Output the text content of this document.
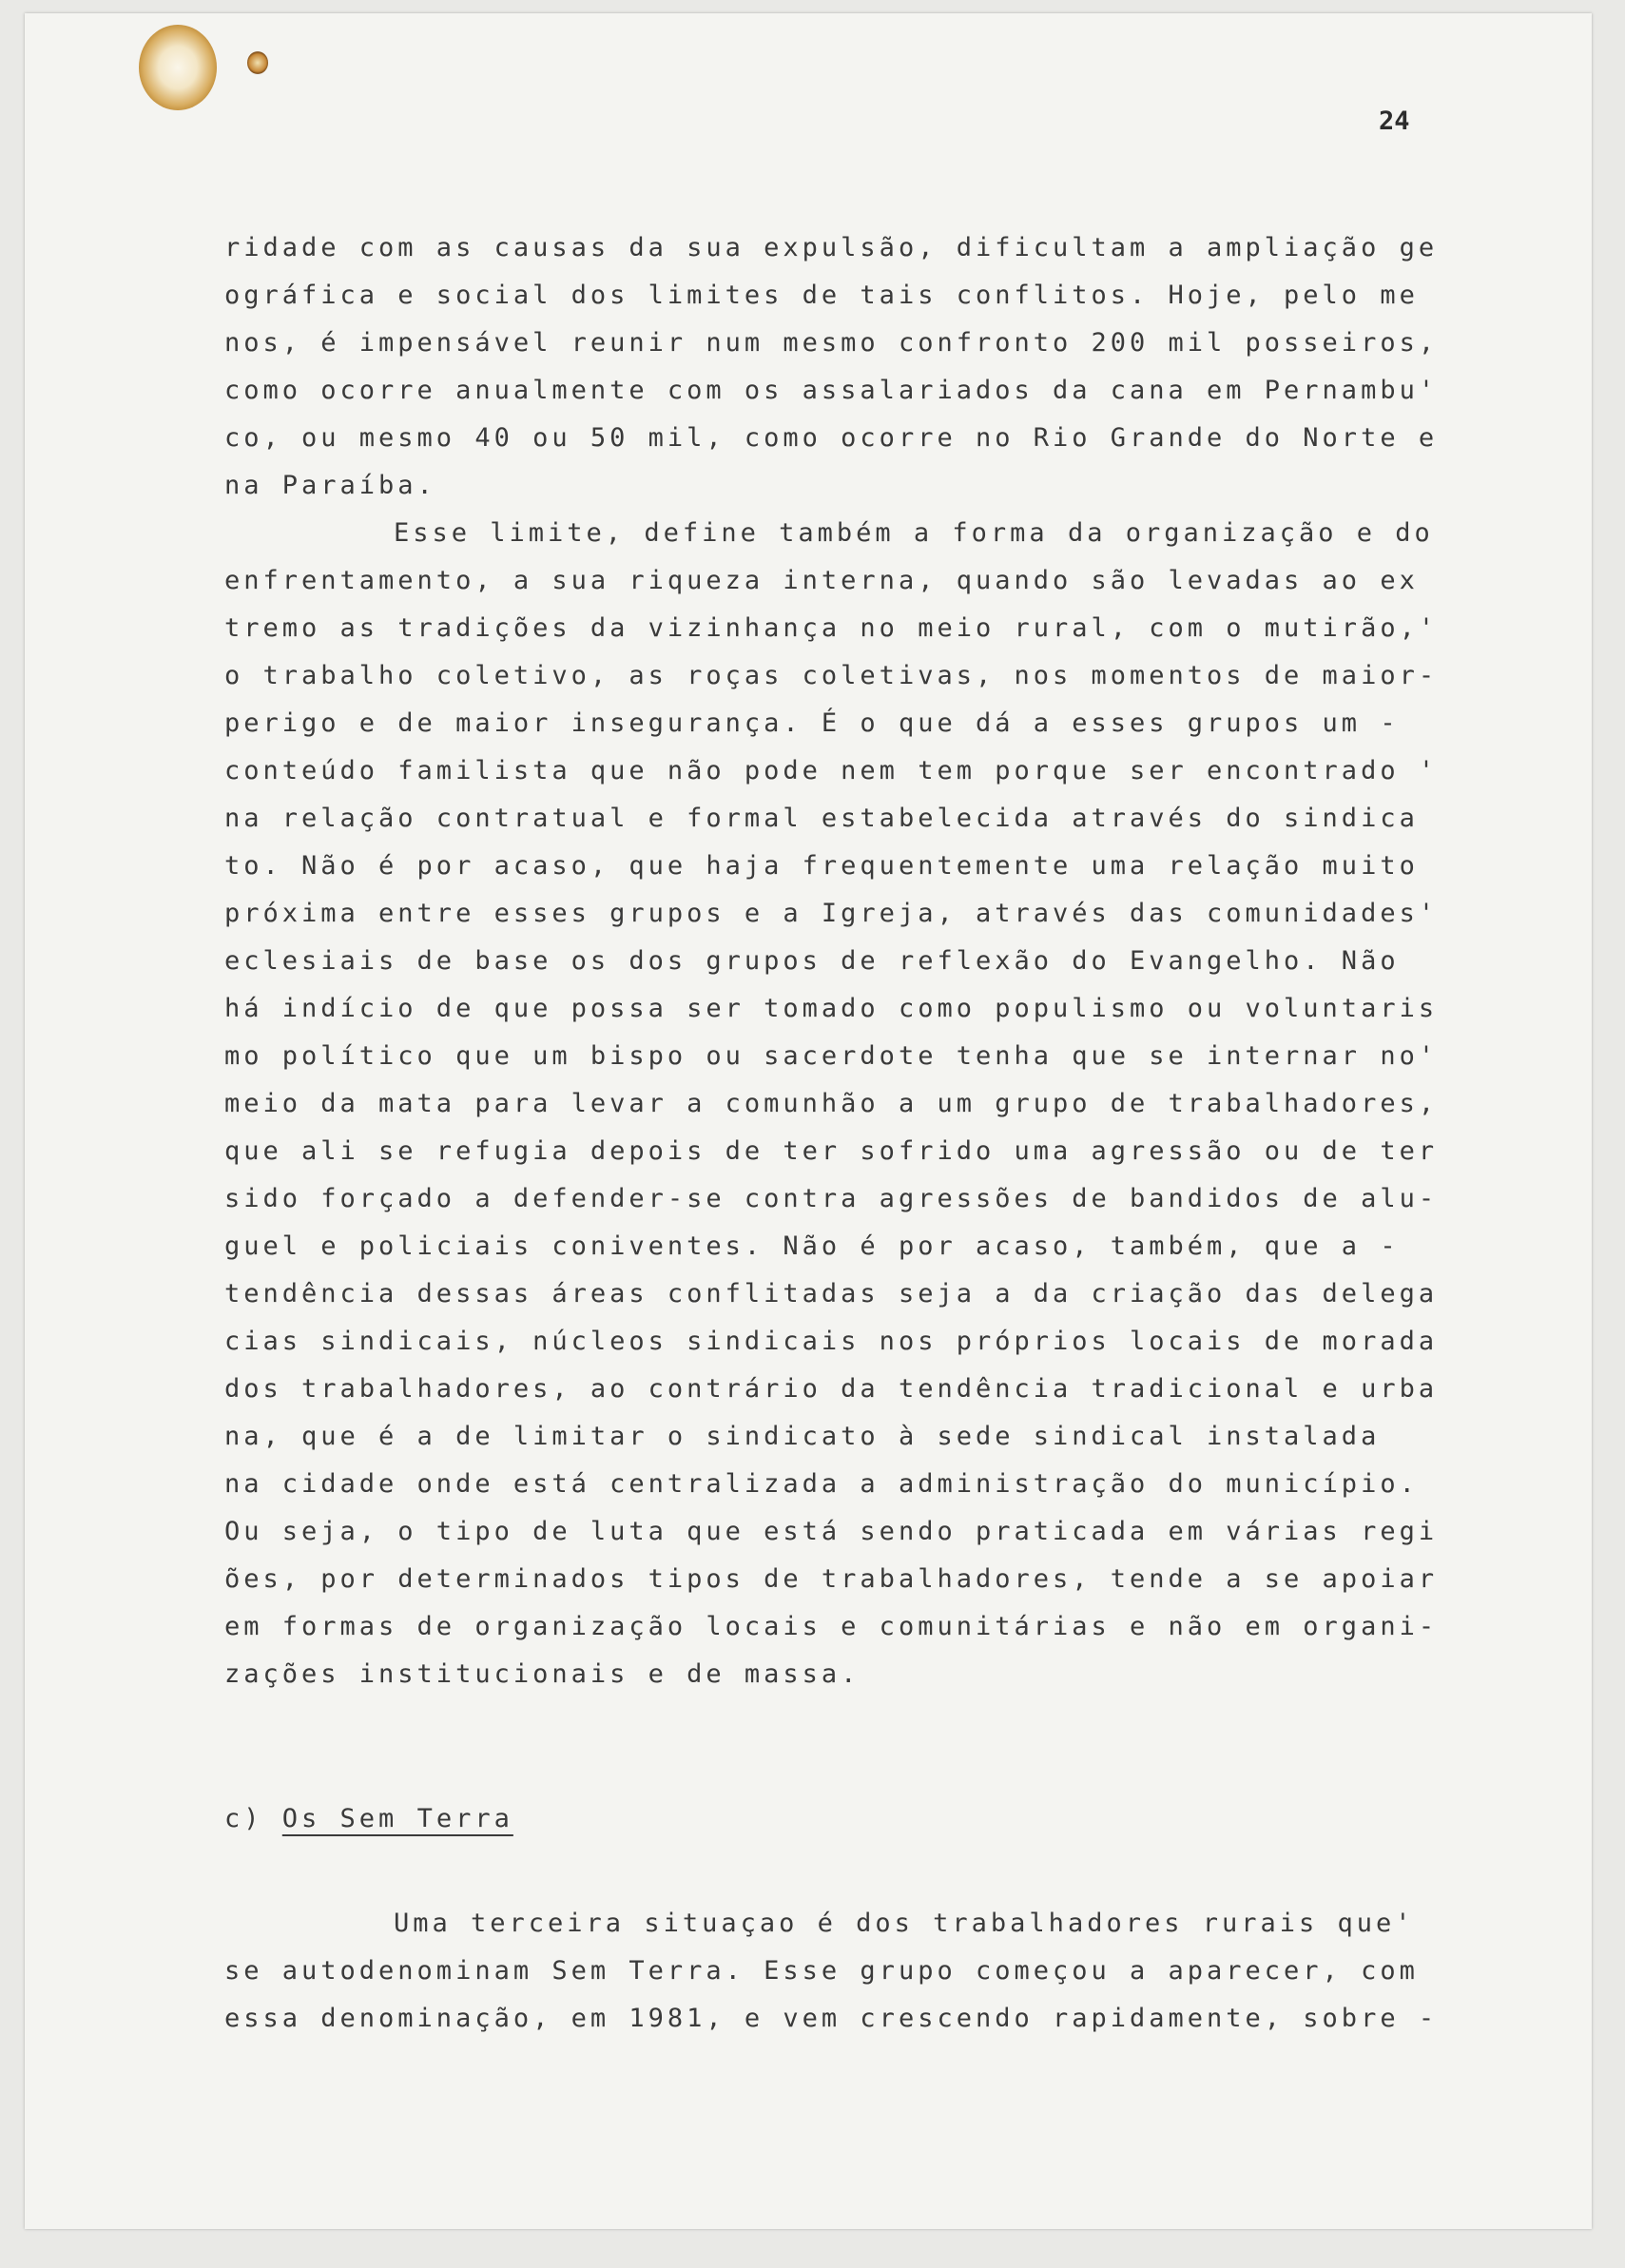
24
ridade com as causas da sua expulsão, dificultam a ampliação ge
ográfica e social dos limites de tais conflitos. Hoje, pelo me
nos, é impensável reunir num mesmo confronto 200 mil posseiros,
como ocorre anualmente com os assalariados da cana em Pernambu'
co, ou mesmo 40 ou 50 mil, como ocorre no Rio Grande do Norte e
na Paraíba.
Esse limite, define também a forma da organização e do
enfrentamento, a sua riqueza interna, quando são levadas ao ex
tremo as tradições da vizinhança no meio rural, com o mutirão,'
o trabalho coletivo, as roças coletivas, nos momentos de maior-
perigo e de maior insegurança. É o que dá a esses grupos um -
conteúdo familista que não pode nem tem porque ser encontrado '
na relação contratual e formal estabelecida através do sindica
to. Não é por acaso, que haja frequentemente uma relação muito
próxima entre esses grupos e a Igreja, através das comunidades'
eclesiais de base os dos grupos de reflexão do Evangelho. Não
há indício de que possa ser tomado como populismo ou voluntaris
mo político que um bispo ou sacerdote tenha que se internar no'
meio da mata para levar a comunhão a um grupo de trabalhadores,
que ali se refugia depois de ter sofrido uma agressão ou de ter
sido forçado a defender-se contra agressões de bandidos de alu-
guel e policiais coniventes. Não é por acaso, também, que a -
tendência dessas áreas conflitadas seja a da criação das delega
cias sindicais, núcleos sindicais nos próprios locais de morada
dos trabalhadores, ao contrário da tendência tradicional e urba
na, que é a de limitar o sindicato à sede sindical instalada
na cidade onde está centralizada a administração do município.
Ou seja, o tipo de luta que está sendo praticada em várias regi
ões, por determinados tipos de trabalhadores, tende a se apoiar
em formas de organização locais e comunitárias e não em organi-
zações institucionais e de massa.
c) Os Sem Terra
Uma terceira situaçao é dos trabalhadores rurais que'
se autodenominam Sem Terra. Esse grupo começou a aparecer, com
essa denominação, em 1981, e vem crescendo rapidamente, sobre -
